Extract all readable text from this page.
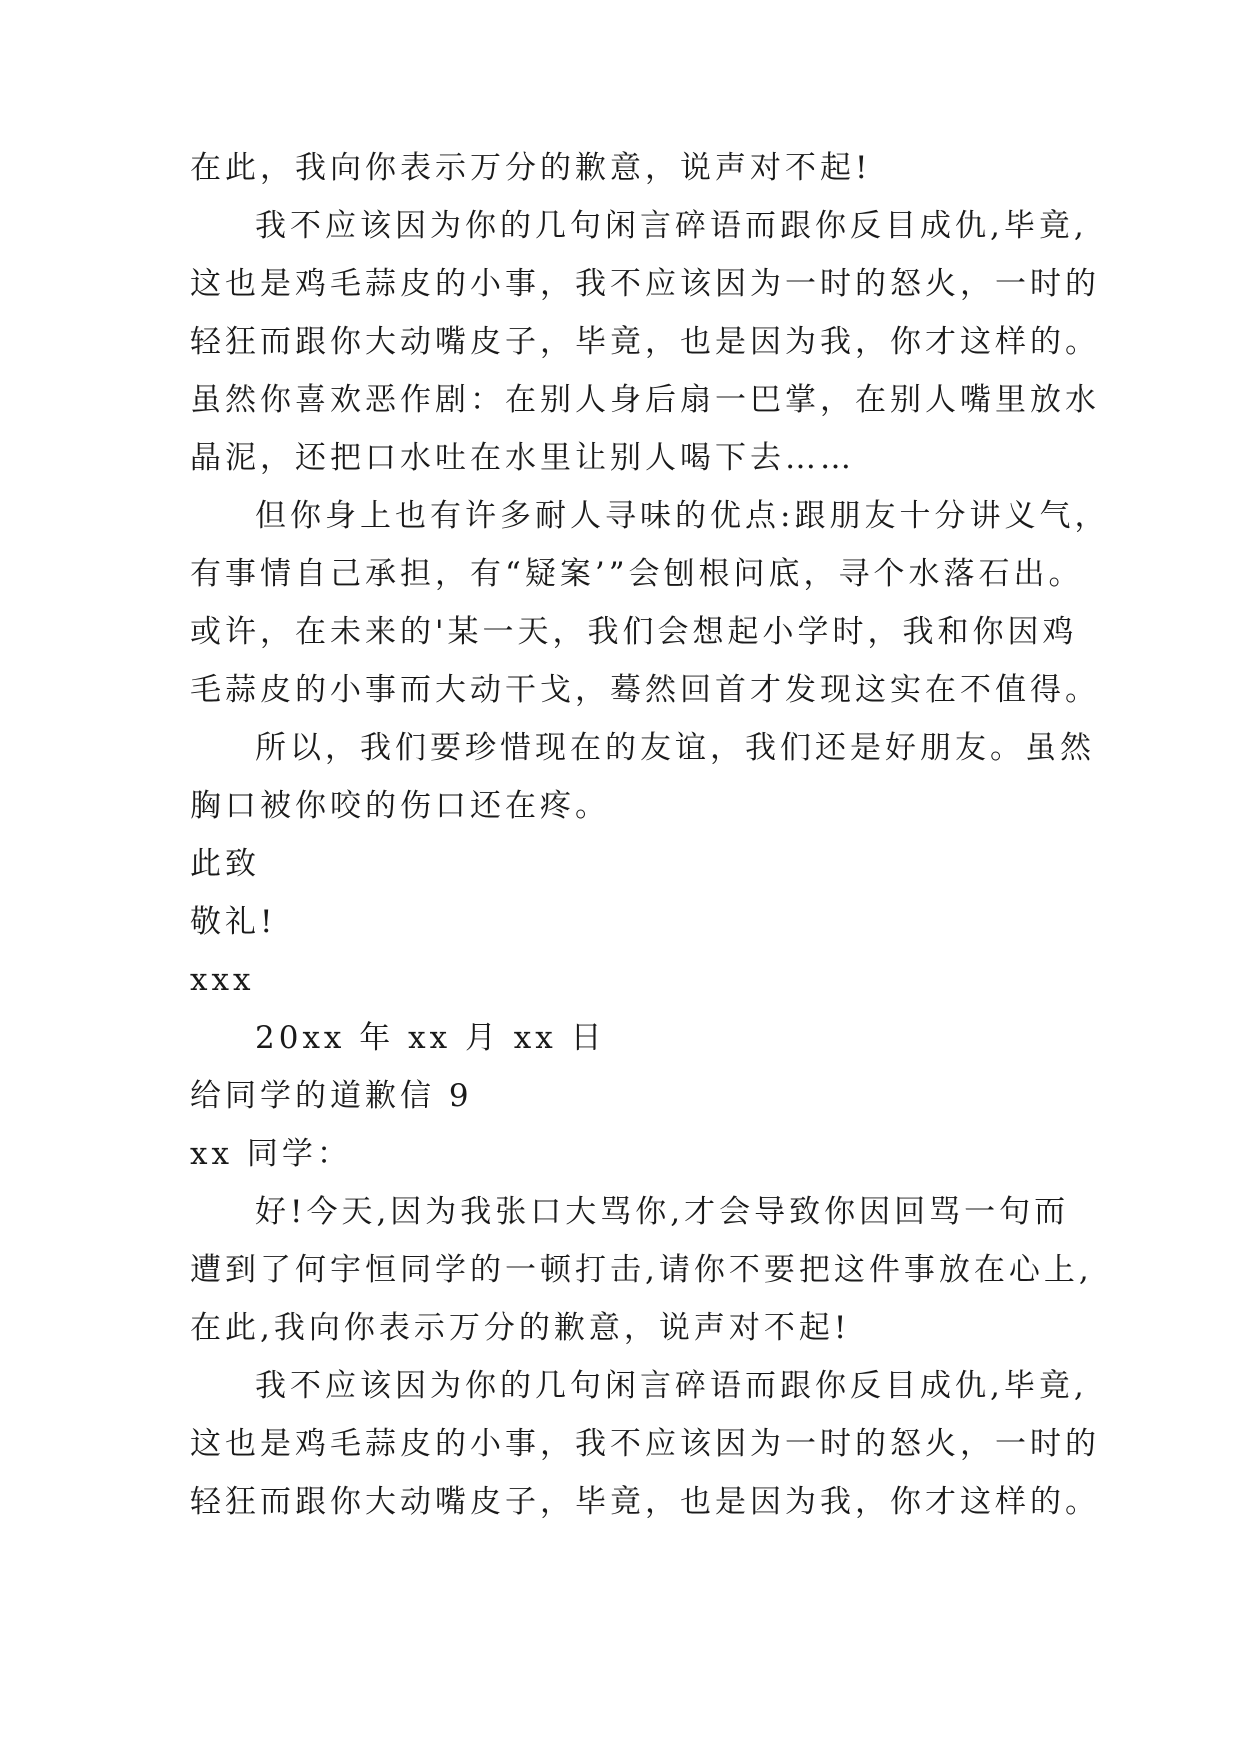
在此，我向你表示万分的歉意，说声对不起!
我不应该因为你的几句闲言碎语而跟你反目成仇,毕竟,
这也是鸡毛蒜皮的小事，我不应该因为一时的怒火，一时的
轻狂而跟你大动嘴皮子，毕竟，也是因为我，你才这样的。
虽然你喜欢恶作剧：在别人身后扇一巴掌，在别人嘴里放水
晶泥，还把口水吐在水里让别人喝下去……
但你身上也有许多耐人寻味的优点:跟朋友十分讲义气，
有事情自己承担，有“疑案’”会刨根问底，寻个水落石出。
或许，在未来的'某一天，我们会想起小学时，我和你因鸡
毛蒜皮的小事而大动干戈，蓦然回首才发现这实在不值得。
所以，我们要珍惜现在的友谊，我们还是好朋友。虽然
胸口被你咬的伤口还在疼。
此致
敬礼!
xxx
20xx 年 xx 月 xx 日
给同学的道歉信 9
xx 同学：
好!今天,因为我张口大骂你,才会导致你因回骂一句而
遭到了何宇恒同学的一顿打击,请你不要把这件事放在心上,
在此,我向你表示万分的歉意，说声对不起!
我不应该因为你的几句闲言碎语而跟你反目成仇,毕竟,
这也是鸡毛蒜皮的小事，我不应该因为一时的怒火，一时的
轻狂而跟你大动嘴皮子，毕竟，也是因为我，你才这样的。
